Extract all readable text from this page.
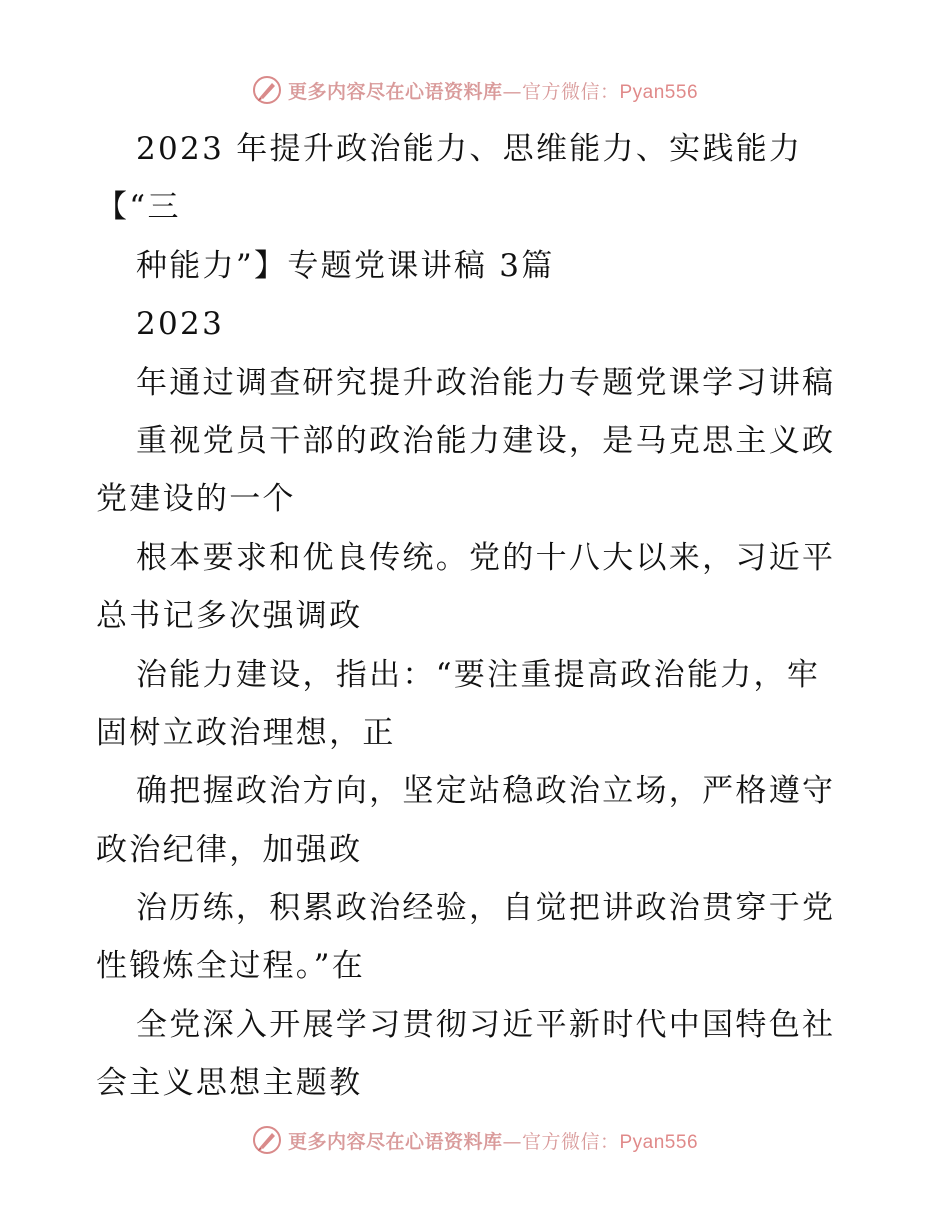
更多内容尽在心语资料库—官方微信：Pyan556
2023 年提升政治能力、思维能力、实践能力
【“三
种能力”】专题党课讲稿 3篇
2023
年通过调查研究提升政治能力专题党课学习讲稿
重视党员干部的政治能力建设，是马克思主义政
党建设的一个
根本要求和优良传统。党的十八大以来，习近平
总书记多次强调政
治能力建设，指出：“要注重提高政治能力，牢
固树立政治理想，正
确把握政治方向，坚定站稳政治立场，严格遵守
政治纪律，加强政
治历练，积累政治经验，自觉把讲政治贯穿于党
性锻炼全过程。”在
全党深入开展学习贯彻习近平新时代中国特色社
会主义思想主题教
更多内容尽在心语资料库—官方微信：Pyan556
